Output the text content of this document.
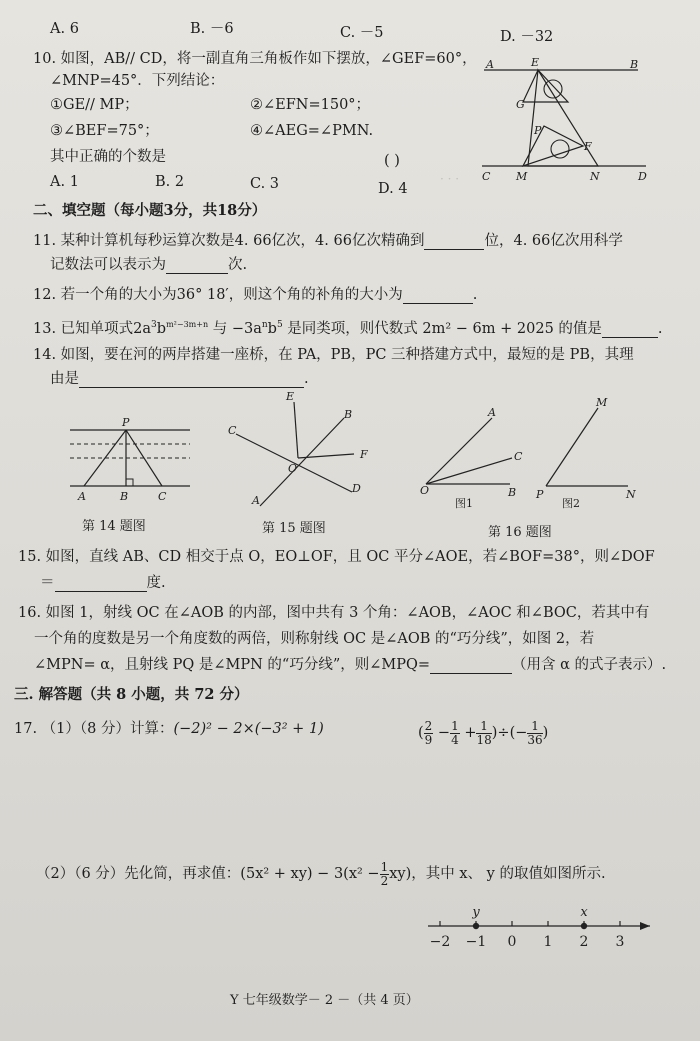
· · ·
A. 6	B. －6	C. －5	D. －32
10. 如图，AB// CD，将一副直角三角板作如下摆放，∠GEF=60°，
∠MNP=45°．下列结论：
①GE// MP；	②∠EFN=150°；
③∠BEF=75°；	④∠AEG=∠PMN.
其中正确的个数是	( )
A. 1	B. 2	C. 3	D. 4
A	E	B
G
P
F
C M	N	D
二、填空题（每小题3分，共18分）
11. 某种计算机每秒运算次数是4. 66亿次，4. 66亿次精确到	位，4. 66亿次用科学
记数法可以表示为	次.
12. 若一个角的大小为36° 18′，则这个角的补角的大小为	.
13. 已知单项式$2a^3b^{m^2-3m+n}$ 与 $-3a^nb^5$ 是同类项，则代数式 2m² − 6m + 2025 的值是	.
14. 如图，要在河的两岸搭建一座桥，在 PA，PB，PC 三种搭建方式中，最短的是 PB，其理
由是	.
P
A	B	C
第 14 题图
E
B
C
F
O
D
A
第 15 题图
A
C
O	B
图1
M
P	N
图2
第 16 题图
15. 如图，直线 AB、CD 相交于点 O，EO⊥OF，且 OC 平分∠AOE，若∠BOF=38°，则∠DOF
＝	度.
16. 如图 1，射线 OC 在∠AOB 的内部，图中共有 3 个角：∠AOB，∠AOC 和∠BOC，若其中有
一个角的度数是另一个角度数的两倍，则称射线 OC 是∠AOB 的“巧分线”，如图 2，若
∠MPN= α，且射线 PQ 是∠MPN 的“巧分线”，则∠MPQ=	（用含 α 的式子表示）.
三. 解答题（共 8 小题，共 72 分）
17. （1）（8 分）计算：(−2)² − 2×(−3² + 1)	( $\frac{2}{9} - \frac{1}{4} + \frac{1}{18}$ )÷(− $\frac{1}{36}$ )
（2）（6 分）先化简，再求值：$(5x^2 + xy) - 3(x^2 - \frac{1}{2} xy)$，其中 x、 y 的取值如图所示.
−2 −1 0 1 2 3
y	x
Y 七年级数学－ 2 －（共 4 页）
